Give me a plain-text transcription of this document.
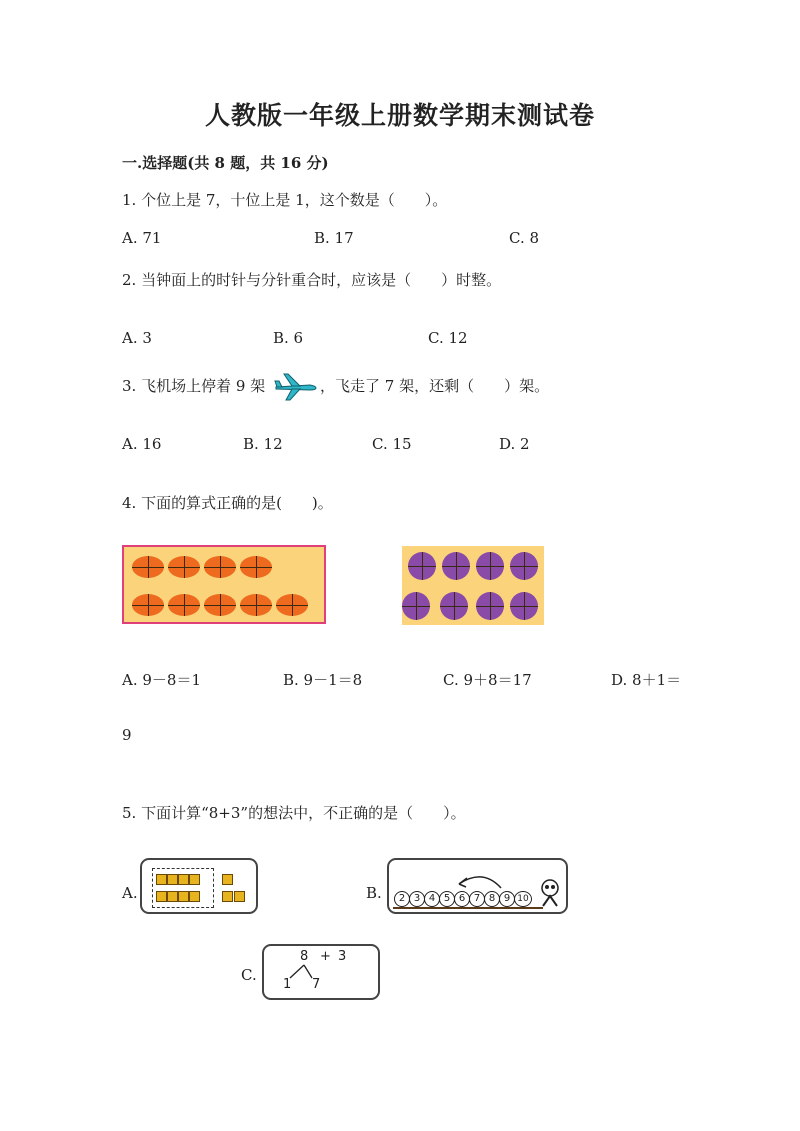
人教版一年级上册数学期末测试卷
一.选择题(共 8 题，共 16 分)
1. 个位上是 7，十位上是 1，这个数是（　　）。
A. 71	B. 17	C. 8
2. 当钟面上的时针与分针重合时，应该是（　　）时整。
A. 3	B. 6	C. 12
3. 飞机场上停着 9 架	，飞走了 7 架，还剩（　　）架。
A. 16	B. 12	C. 15	D. 2
4. 下面的算式正确的是(　　)。
A. 9－8＝1	B. 9－1＝8	C. 9＋8＝17	D. 8＋1＝
9
5. 下面计算“8+3”的想法中，不正确的是（　　）。
A.	B.	2 3 4 5 6 7 8 9 10
C.
8 + 3
1 7
